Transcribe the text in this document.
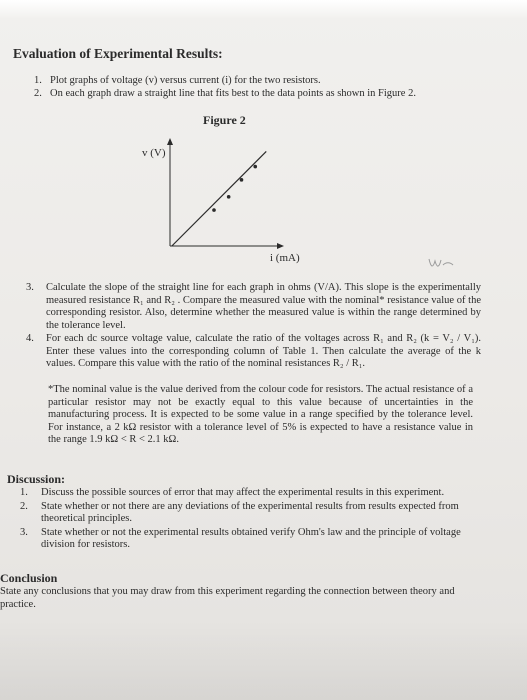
Evaluation of Experimental Results:
1. Plot graphs of voltage (v) versus current (i) for the two resistors.
2. On each graph draw a straight line that fits best to the data points as shown in Figure 2.
Figure 2
v (V)
i (mA)
3. Calculate the slope of the straight line for each graph in ohms (V/A). This slope is the experimentally measured resistance R₁ and R₂ . Compare the measured value with the nominal* resistance value of the corresponding resistor. Also, determine whether the measured value is within the range determined by the tolerance level.
4. For each dc source voltage value, calculate the ratio of the voltages across R₁ and R₂ (k = V₂ / V₁). Enter these values into the corresponding column of Table 1. Then calculate the average of the k values. Compare this value with the ratio of the nominal resistances R₂ / R₁.
*The nominal value is the value derived from the colour code for resistors. The actual resistance of a particular resistor may not be exactly equal to this value because of uncertainties in the manufacturing process. It is expected to be some value in a range specified by the tolerance level. For instance, a 2 kΩ resistor with a tolerance level of 5% is expected to have a resistance value in the range 1.9 kΩ < R < 2.1 kΩ.
Discussion:
1. Discuss the possible sources of error that may affect the experimental results in this experiment.
2. State whether or not there are any deviations of the experimental results from results expected from theoretical principles.
3. State whether or not the experimental results obtained verify Ohm's law and the principle of voltage division for resistors.
Conclusion
State any conclusions that you may draw from this experiment regarding the connection between theory and practice.
